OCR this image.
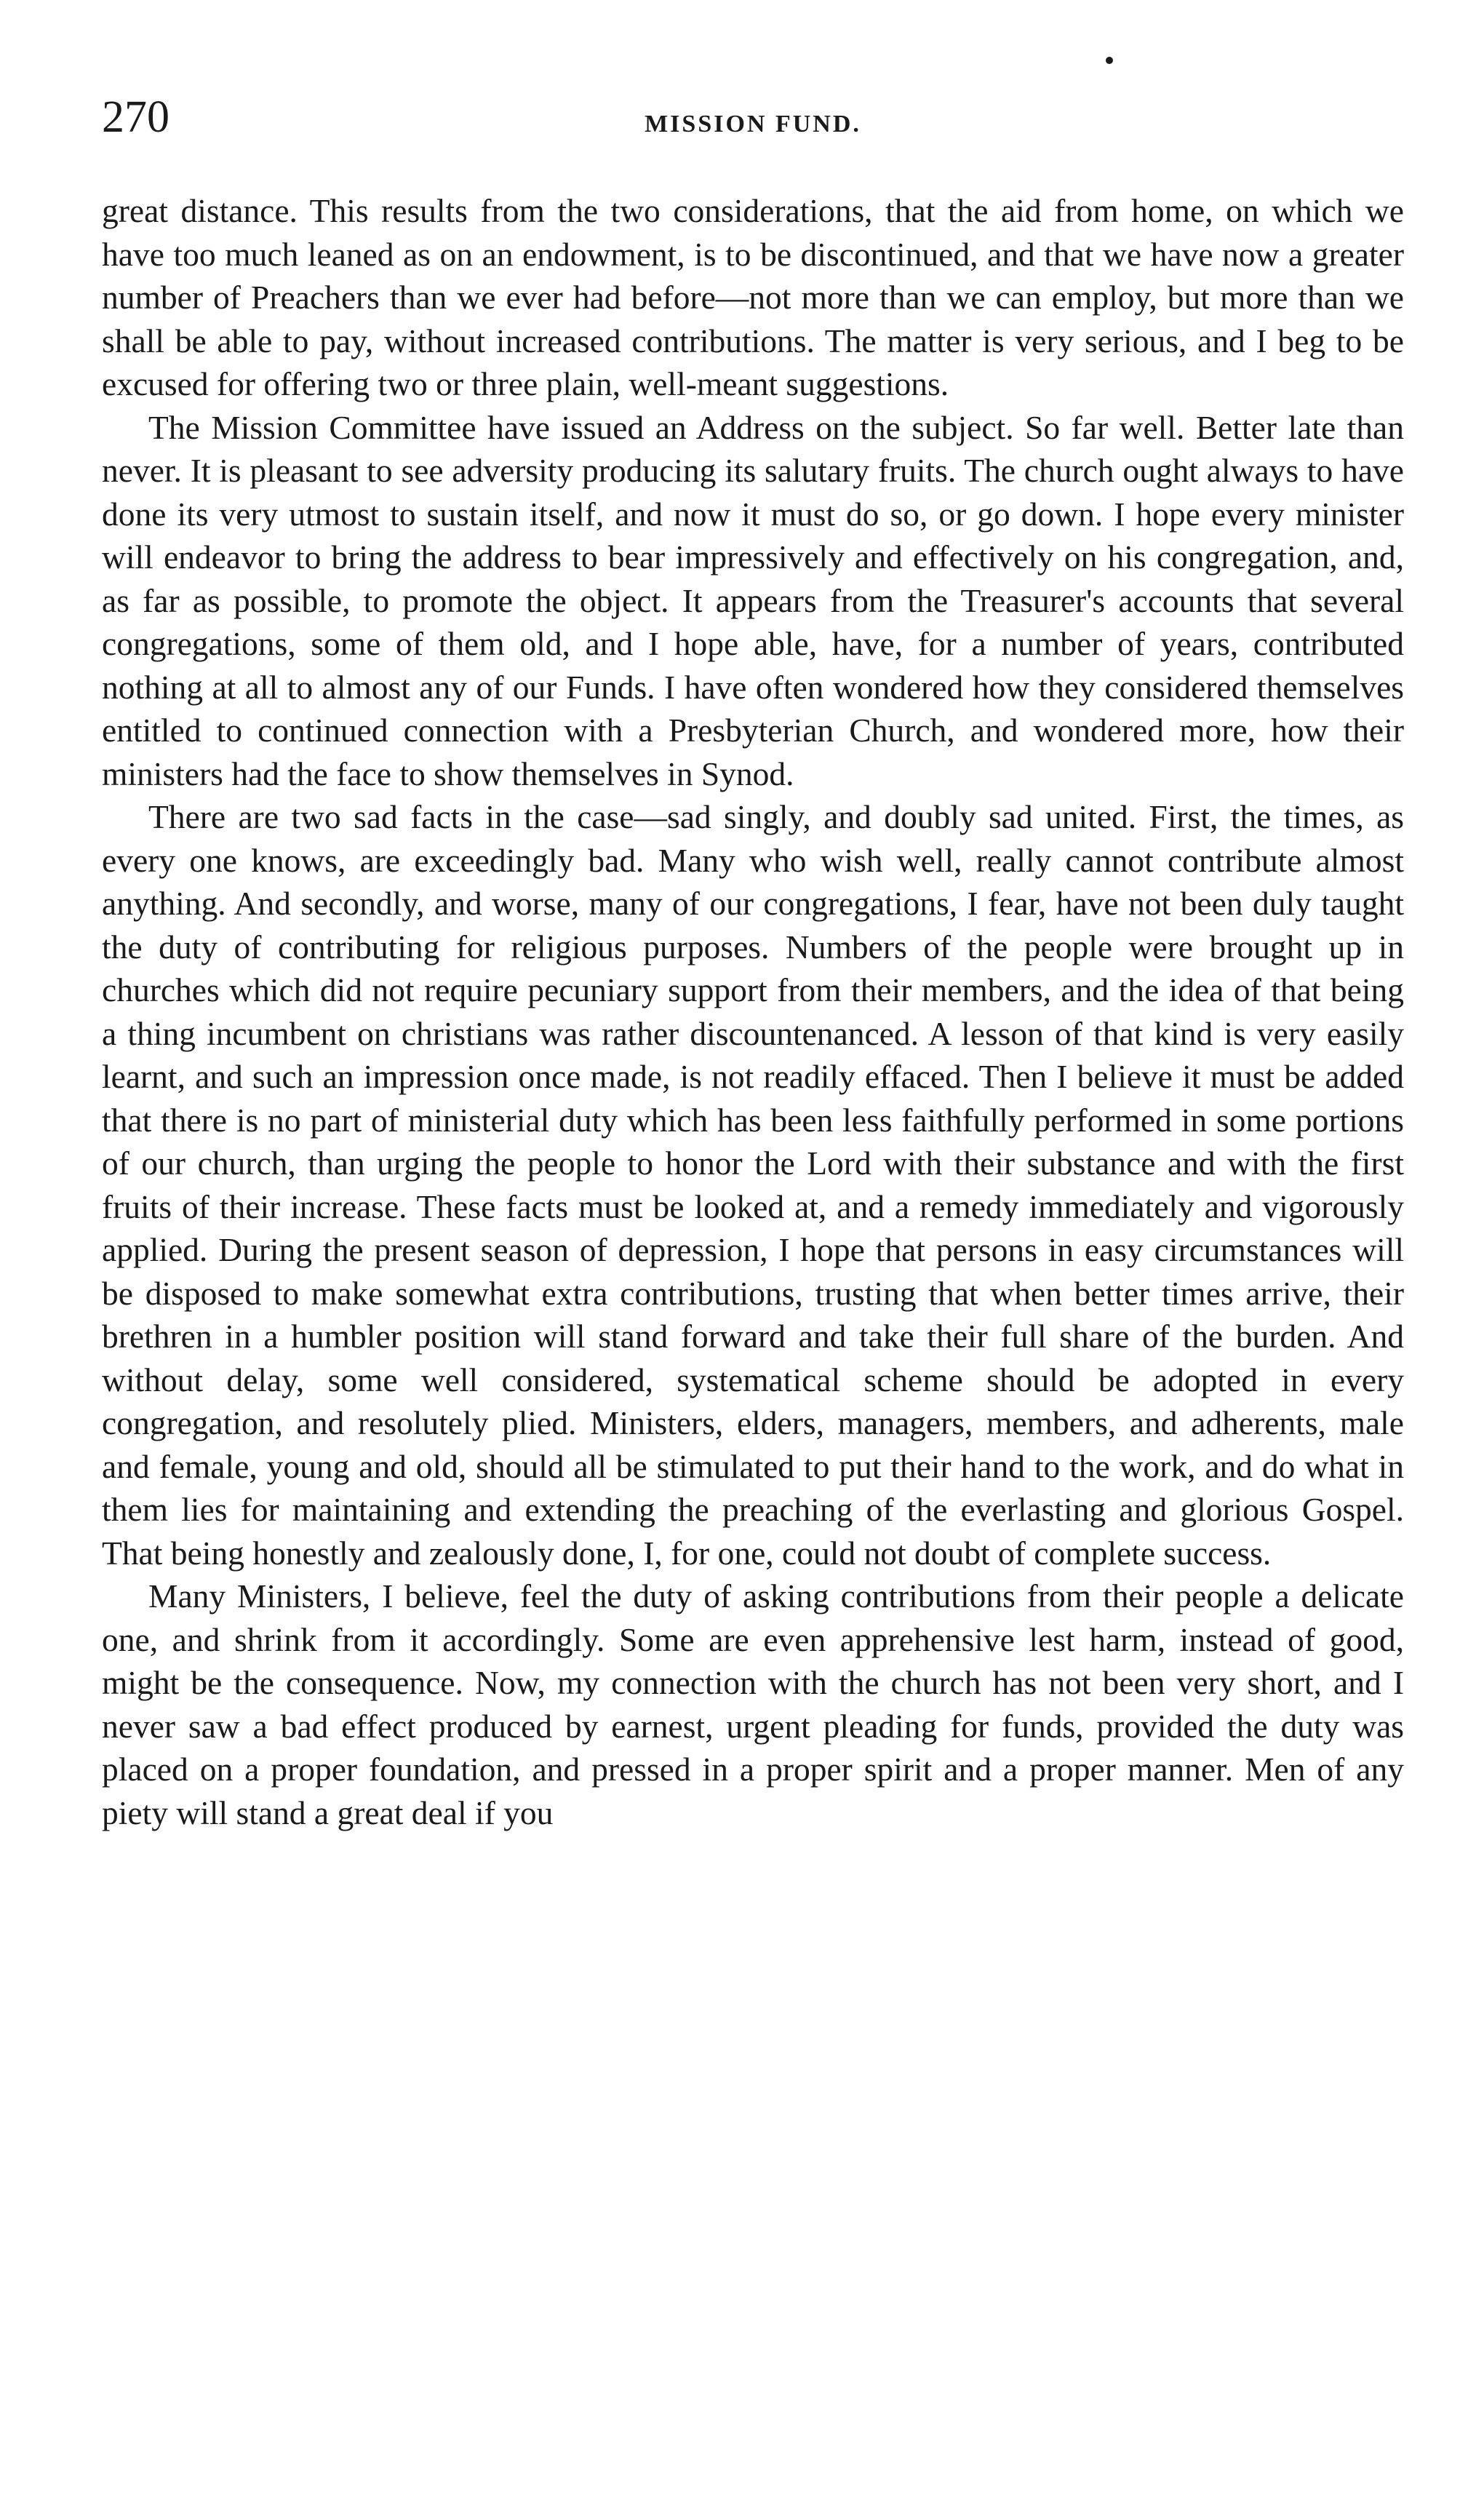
270	MISSION FUND.

great distance. This results from the two considerations, that the aid from home, on which we have too much leaned as on an endowment, is to be discontinued, and that we have now a greater number of Preachers than we ever had before—not more than we can employ, but more than we shall be able to pay, without increased contributions. The matter is very serious, and I beg to be excused for offering two or three plain, well-meant suggestions.

The Mission Committee have issued an Address on the subject. So far well. Better late than never. It is pleasant to see adversity producing its salutary fruits. The church ought always to have done its very utmost to sustain itself, and now it must do so, or go down. I hope every minister will endeavor to bring the address to bear impressively and effectively on his congregation, and, as far as possible, to promote the object. It appears from the Treasurer's accounts that several congregations, some of them old, and I hope able, have, for a number of years, contributed nothing at all to almost any of our Funds. I have often wondered how they considered themselves entitled to continued connection with a Presbyterian Church, and wondered more, how their ministers had the face to show themselves in Synod.

There are two sad facts in the case—sad singly, and doubly sad united. First, the times, as every one knows, are exceedingly bad. Many who wish well, really cannot contribute almost anything. And secondly, and worse, many of our congregations, I fear, have not been duly taught the duty of contributing for religious purposes. Numbers of the people were brought up in churches which did not require pecuniary support from their members, and the idea of that being a thing incumbent on christians was rather discountenanced. A lesson of that kind is very easily learnt, and such an impression once made, is not readily effaced. Then I believe it must be added that there is no part of ministerial duty which has been less faithfully performed in some portions of our church, than urging the people to honor the Lord with their substance and with the first fruits of their increase. These facts must be looked at, and a remedy immediately and vigorously applied. During the present season of depression, I hope that persons in easy circumstances will be disposed to make somewhat extra contributions, trusting that when better times arrive, their brethren in a humbler position will stand forward and take their full share of the burden. And without delay, some well considered, systematical scheme should be adopted in every congregation, and resolutely plied. Ministers, elders, managers, members, and adherents, male and female, young and old, should all be stimulated to put their hand to the work, and do what in them lies for maintaining and extending the preaching of the everlasting and glorious Gospel. That being honestly and zealously done, I, for one, could not doubt of complete success.

Many Ministers, I believe, feel the duty of asking contributions from their people a delicate one, and shrink from it accordingly. Some are even apprehensive lest harm, instead of good, might be the consequence. Now, my connection with the church has not been very short, and I never saw a bad effect produced by earnest, urgent pleading for funds, provided the duty was placed on a proper foundation, and pressed in a proper spirit and a proper manner. Men of any piety will stand a great deal if you
